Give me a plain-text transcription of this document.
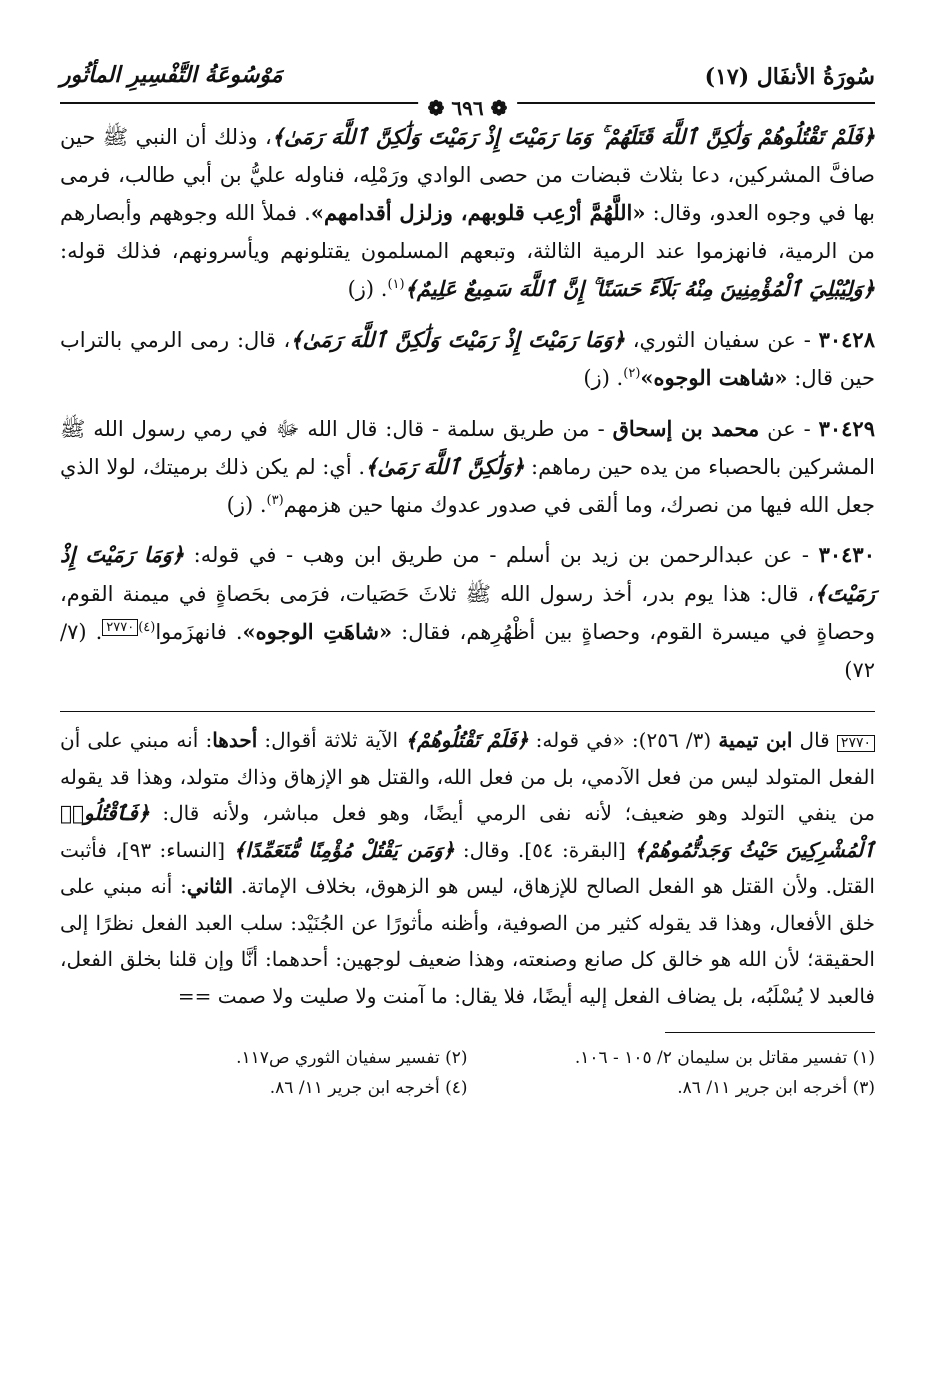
سُورَةُ الأنفَال (١٧)
مَوْسُوعَةُ التَّفْسِيرِ المأثُور
❁ ٦٩٦ ❁

﴿فَلَمْ تَقْتُلُوهُمْ وَلَٰكِنَّ ٱللَّهَ قَتَلَهُمْ ۚ وَمَا رَمَيْتَ إِذْ رَمَيْتَ وَلَٰكِنَّ ٱللَّهَ رَمَىٰ﴾، وذلك أن النبي ﷺ حين صافَّ المشركين، دعا بثلاث قبضات من حصى الوادي ورَمْلِه، فناوله عليُّ بن أبي طالب، فرمى بها في وجوه العدو، وقال: «اللَّهُمَّ أرْعِب قلوبهم، وزلزل أقدامهم». فملأ الله وجوههم وأبصارهم من الرمية، فانهزموا عند الرمية الثالثة، وتبعهم المسلمون يقتلونهم ويأسرونهم، فذلك قوله: ﴿وَلِيُبْلِيَ ٱلْمُؤْمِنِينَ مِنْهُ بَلَآءً حَسَنًا ۚ إِنَّ ٱللَّهَ سَمِيعٌ عَلِيمٌ﴾$^{(١)}$. (ز)

٣٠٤٢٨ - عن سفيان الثوري، ﴿وَمَا رَمَيْتَ إِذْ رَمَيْتَ وَلَٰكِنَّ ٱللَّهَ رَمَىٰ﴾، قال: رمى الرمي بالتراب حين قال: «شاهت الوجوه»$^{(٢)}$. (ز)

٣٠٤٢٩ - عن محمد بن إسحاق - من طريق سلمة - قال: قال الله ﷻ في رمي رسول الله ﷺ المشركين بالحصباء من يده حين رماهم: ﴿وَلَٰكِنَّ ٱللَّهَ رَمَىٰ﴾. أي: لم يكن ذلك برميتك، لولا الذي جعل الله فيها من نصرك، وما ألقى في صدور عدوك منها حين هزمهم$^{(٣)}$. (ز)

٣٠٤٣٠ - عن عبدالرحمن بن زيد بن أسلم - من طريق ابن وهب - في قوله: ﴿وَمَا رَمَيْتَ إِذْ رَمَيْتَ﴾، قال: هذا يوم بدر، أخذ رسول الله ﷺ ثلاثَ حَصَيات، فرَمى بحَصاةٍ في ميمنة القوم، وحصاةٍ في ميسرة القوم، وحصاةٍ بين أظْهُرِهم، فقال: «شاهَتِ الوجوه». فانهزَموا$^{(٤)}$٢٧٧٠. (٧/ ٧٢)

٢٧٧٠ قال ابن تيمية (٣/ ٢٥٦): «في قوله: ﴿فَلَمْ تَقْتُلُوهُمْ﴾ الآية ثلاثة أقوال: أحدها: أنه مبني على أن الفعل المتولد ليس من فعل الآدمي، بل من فعل الله، والقتل هو الإزهاق وذاك متولد، وهذا قد يقوله من ينفي التولد وهو ضعيف؛ لأنه نفى الرمي أيضًا، وهو فعل مباشر، ولأنه قال: ﴿فَٱقْتُلُوا۟ ٱلْمُشْرِكِينَ حَيْثُ وَجَدتُّمُوهُمْ﴾ [البقرة: ٥٤]. وقال: ﴿وَمَن يَقْتُلْ مُؤْمِنًا مُّتَعَمِّدًا﴾ [النساء: ٩٣]، فأثبت القتل. ولأن القتل هو الفعل الصالح للإزهاق، ليس هو الزهوق، بخلاف الإماتة. الثاني: أنه مبني على خلق الأفعال، وهذا قد يقوله كثير من الصوفية، وأظنه مأثورًا عن الجُنَيْد: سلب العبد الفعل نظرًا إلى الحقيقة؛ لأن الله هو خالق كل صانع وصنعته، وهذا ضعيف لوجهين: أحدهما: أنَّا وإن قلنا بخلق الفعل، فالعبد لا يُسْلَبُه، بل يضاف الفعل إليه أيضًا، فلا يقال: ما آمنت ولا صليت ولا صمت ==

(١) تفسير مقاتل بن سليمان ٢/ ١٠٥ - ١٠٦.
(٢) تفسير سفيان الثوري ص١١٧.
(٣) أخرجه ابن جرير ١١/ ٨٦.
(٤) أخرجه ابن جرير ١١/ ٨٦.
